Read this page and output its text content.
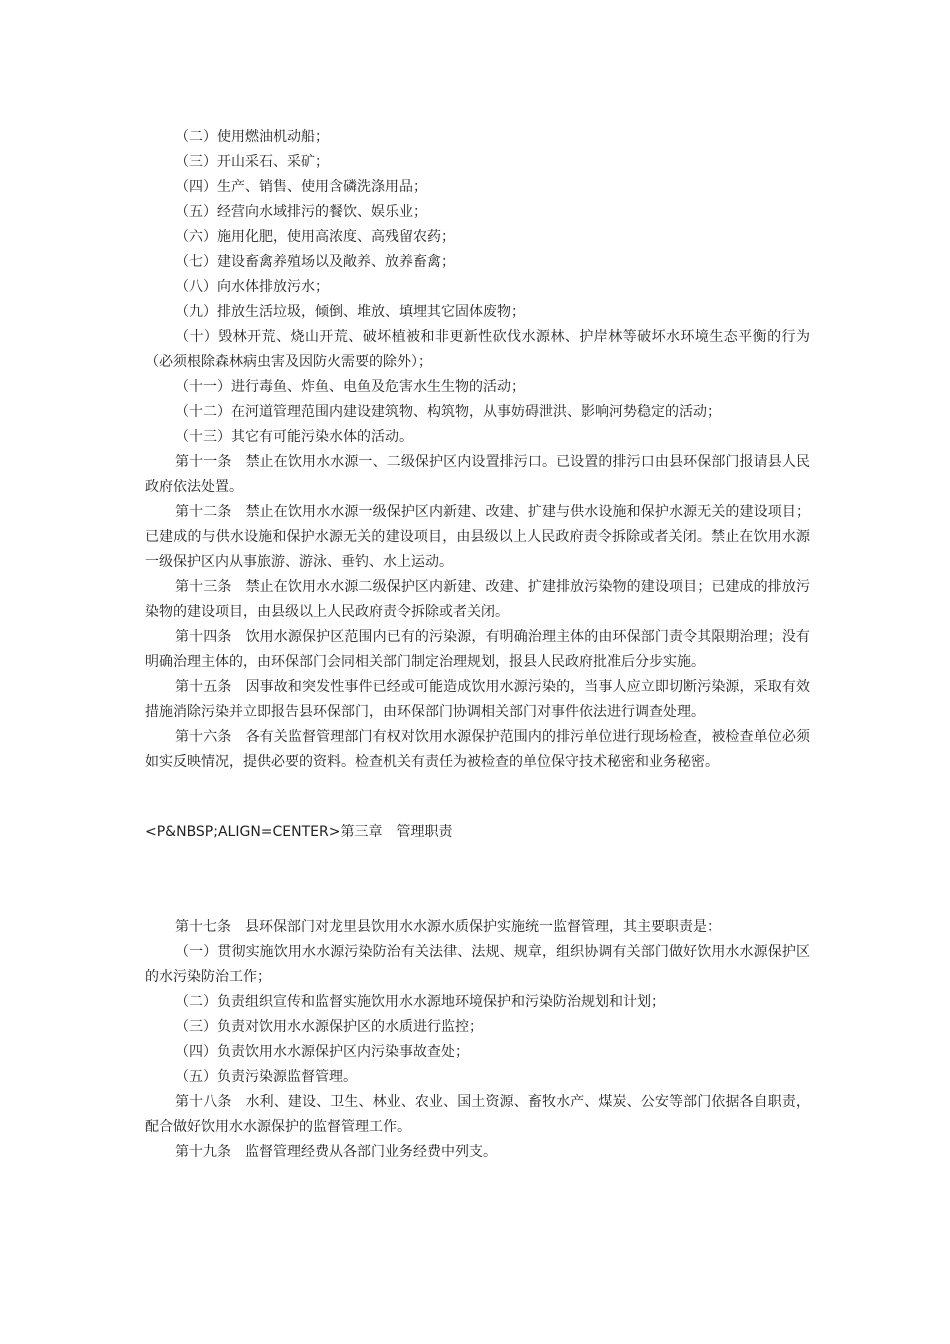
（二）使用燃油机动船；

（三）开山采石、采矿；

（四）生产、销售、使用含磷洗涤用品；

（五）经营向水域排污的餐饮、娱乐业；

（六）施用化肥，使用高浓度、高残留农药；

（七）建设畜禽养殖场以及敞养、放养畜禽；

（八）向水体排放污水；

（九）排放生活垃圾，倾倒、堆放、填埋其它固体废物；

（十）毁林开荒、烧山开荒、破坏植被和非更新性砍伐水源林、护岸林等破坏水环境生态平衡的行为（必须根除森林病虫害及因防火需要的除外）；

（十一）进行毒鱼、炸鱼、电鱼及危害水生生物的活动；

（十二）在河道管理范围内建设建筑物、构筑物，从事妨碍泄洪、影响河势稳定的活动；

（十三）其它有可能污染水体的活动。

第十一条　禁止在饮用水水源一、二级保护区内设置排污口。已设置的排污口由县环保部门报请县人民政府依法处置。

第十二条　禁止在饮用水水源一级保护区内新建、改建、扩建与供水设施和保护水源无关的建设项目；已建成的与供水设施和保护水源无关的建设项目，由县级以上人民政府责令拆除或者关闭。禁止在饮用水源一级保护区内从事旅游、游泳、垂钓、水上运动。

第十三条　禁止在饮用水水源二级保护区内新建、改建、扩建排放污染物的建设项目；已建成的排放污染物的建设项目，由县级以上人民政府责令拆除或者关闭。

第十四条　饮用水源保护区范围内已有的污染源，有明确治理主体的由环保部门责令其限期治理；没有明确治理主体的，由环保部门会同相关部门制定治理规划，报县人民政府批准后分步实施。

第十五条　因事故和突发性事件已经或可能造成饮用水源污染的，当事人应立即切断污染源，采取有效措施消除污染并立即报告县环保部门，由环保部门协调相关部门对事件依法进行调查处理。

第十六条　各有关监督管理部门有权对饮用水源保护范围内的排污单位进行现场检查，被检查单位必须如实反映情况，提供必要的资料。检查机关有责任为被检查的单位保守技术秘密和业务秘密。

<P&NBSP;ALIGN=CENTER>第三章　管理职责

第十七条　县环保部门对龙里县饮用水水源水质保护实施统一监督管理，其主要职责是：

（一）贯彻实施饮用水水源污染防治有关法律、法规、规章，组织协调有关部门做好饮用水水源保护区的水污染防治工作；

（二）负责组织宣传和监督实施饮用水水源地环境保护和污染防治规划和计划；

（三）负责对饮用水水源保护区的水质进行监控；

（四）负责饮用水水源保护区内污染事故查处；

（五）负责污染源监督管理。

第十八条　水利、建设、卫生、林业、农业、国土资源、畜牧水产、煤炭、公安等部门依据各自职责，配合做好饮用水水源保护的监督管理工作。

第十九条　监督管理经费从各部门业务经费中列支。
